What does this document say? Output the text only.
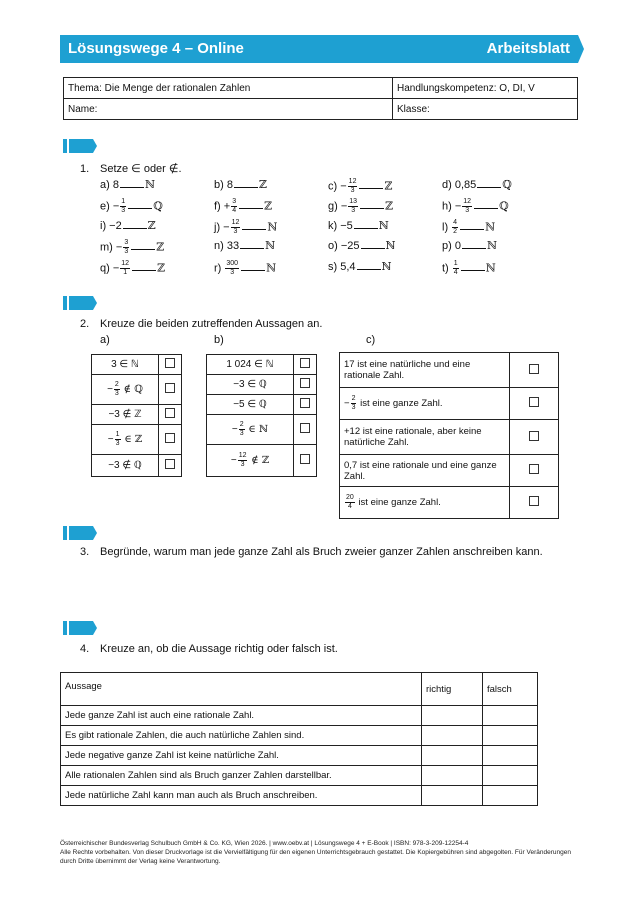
Lösungswege 4 – Online	Arbeitsblatt
Thema: Die Menge der rationalen Zahlen	Handlungskompetenz: O, DI, V
Name:	Klasse:
1. Setze ∈ oder ∉.
a) 8 ℕ	b) 8 ℤ	$c) - \frac{12}{3}$ ℤ	d) 0,85 ℚ
$e) - \frac{1}{3}$ ℚ	$f) + \frac{3}{4}$ ℤ	$g) - \frac{13}{3}$ ℤ	$h) - \frac{12}{3}$ ℚ
i) −2 ℤ	$j) - \frac{12}{3}$ ℕ	k) −5 ℕ	$l) \frac{4}{2}$ ℕ
$m) - \frac{3}{3}$ ℤ	n) 33 ℕ	o) −25 ℕ	p) 0 ℕ
$q) - \frac{12}{1}$ ℤ	$r) \frac{300}{3}$ ℕ	s) 5,4 ℕ	$t) \frac{1}{4}$ ℕ
2. Kreuze die beiden zutreffenden Aussagen an.
a)	b)	c)
3 ∈ ℕ	
− $\frac{2}{3}$ ∉ ℚ	
−3 ∉ ℤ	
− $\frac{1}{3}$ ∈ ℤ	
−3 ∉ ℚ	
1 024 ∈ ℕ	
−3 ∈ ℚ	
−5 ∈ ℚ	
− $\frac{2}{3}$ ∈ ℕ	
− $\frac{12}{3}$ ∉ ℤ	
17 ist eine natürliche und eine rationale Zahl.	
− $\frac{2}{3}$ ist eine ganze Zahl.	
+12 ist eine rationale, aber keine natürliche Zahl.	
0,7 ist eine rationale und eine ganze Zahl.	

$\frac{20}{4}$ ist eine ganze Zahl.	
3. Begründe, warum man jede ganze Zahl als Bruch zweier ganzer Zahlen anschreiben kann.
4. Kreuze an, ob die Aussage richtig oder falsch ist.
Aussage	richtig	falsch
Jede ganze Zahl ist auch eine rationale Zahl.		
Es gibt rationale Zahlen, die auch natürliche Zahlen sind.		
Jede negative ganze Zahl ist keine natürliche Zahl.		
Alle rationalen Zahlen sind als Bruch ganzer Zahlen darstellbar.		
Jede natürliche Zahl kann man auch als Bruch anschreiben.		
Österreichischer Bundesverlag Schulbuch GmbH & Co. KG, Wien 2026. | www.oebv.at | Lösungswege 4 + E-Book | ISBN: 978-3-209-12254-4
Alle Rechte vorbehalten. Von dieser Druckvorlage ist die Vervielfältigung für den eigenen Unterrichtsgebrauch gestattet. Die Kopiergebühren sind abgegolten. Für Veränderungen durch Dritte übernimmt der Verlag keine Verantwortung.
